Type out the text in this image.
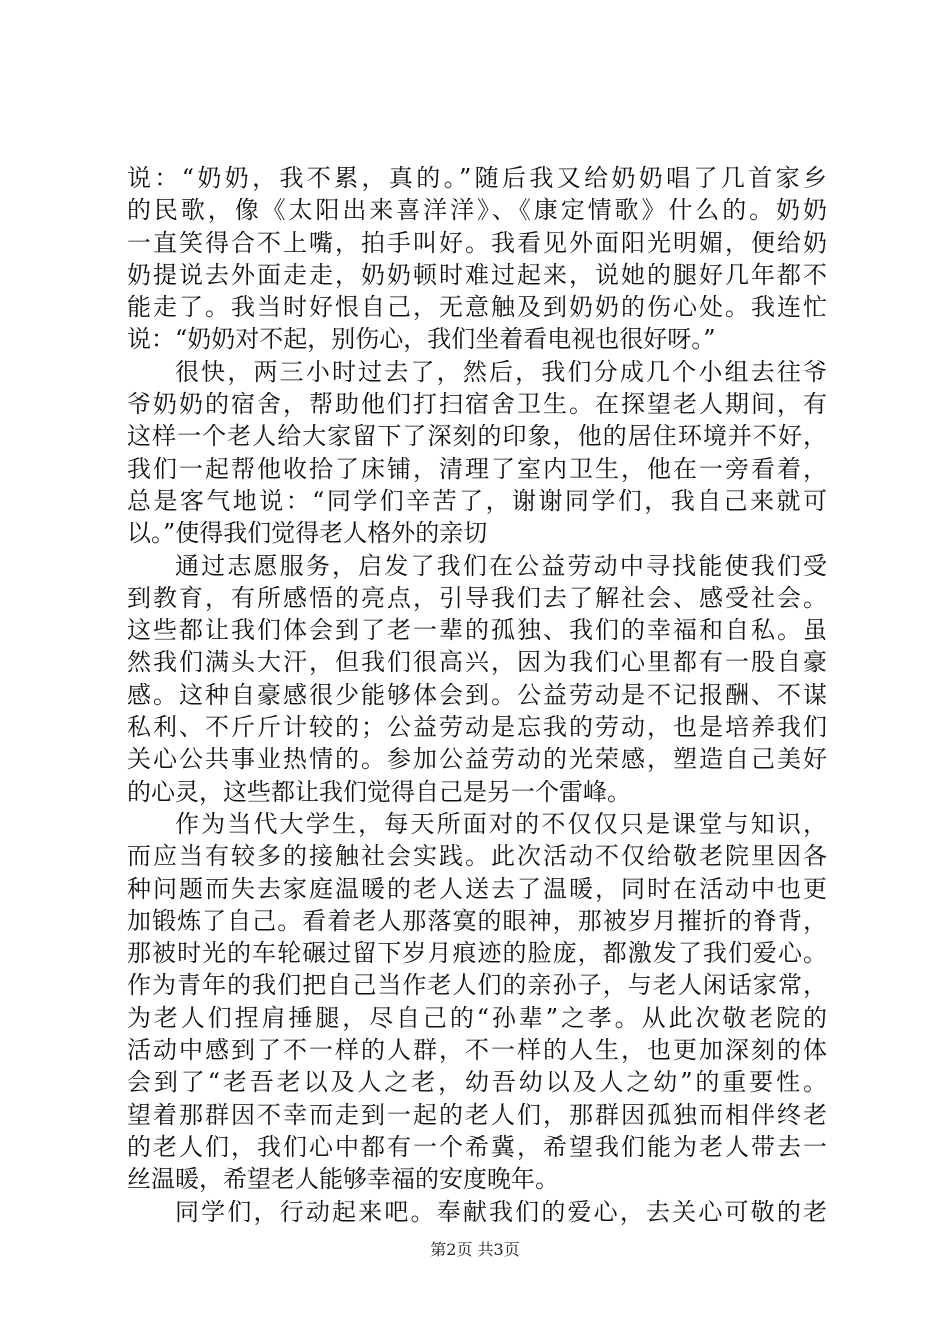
说：“奶奶，我不累，真的。”随后我又给奶奶唱了几首家乡
的民歌，像《太阳出来喜洋洋》、《康定情歌》什么的。奶奶
一直笑得合不上嘴，拍手叫好。我看见外面阳光明媚，便给奶
奶提说去外面走走，奶奶顿时难过起来，说她的腿好几年都不
能走了。我当时好恨自己，无意触及到奶奶的伤心处。我连忙
说：“奶奶对不起，别伤心，我们坐着看电视也很好呀。”
很快，两三小时过去了，然后，我们分成几个小组去往爷
爷奶奶的宿舍，帮助他们打扫宿舍卫生。在探望老人期间，有
这样一个老人给大家留下了深刻的印象，他的居住环境并不好，
我们一起帮他收拾了床铺，清理了室内卫生，他在一旁看着，
总是客气地说：“同学们辛苦了，谢谢同学们，我自己来就可
以。”使得我们觉得老人格外的亲切
通过志愿服务，启发了我们在公益劳动中寻找能使我们受
到教育，有所感悟的亮点，引导我们去了解社会、感受社会。
这些都让我们体会到了老一辈的孤独、我们的幸福和自私。虽
然我们满头大汗，但我们很高兴，因为我们心里都有一股自豪
感。这种自豪感很少能够体会到。公益劳动是不记报酬、不谋
私利、不斤斤计较的；公益劳动是忘我的劳动，也是培养我们
关心公共事业热情的。参加公益劳动的光荣感，塑造自己美好
的心灵，这些都让我们觉得自己是另一个雷峰。
作为当代大学生，每天所面对的不仅仅只是课堂与知识，
而应当有较多的接触社会实践。此次活动不仅给敬老院里因各
种问题而失去家庭温暖的老人送去了温暖，同时在活动中也更
加锻炼了自己。看着老人那落寞的眼神，那被岁月摧折的脊背，
那被时光的车轮碾过留下岁月痕迹的脸庞，都激发了我们爱心。
作为青年的我们把自己当作老人们的亲孙子，与老人闲话家常，
为老人们捏肩捶腿，尽自己的“孙辈”之孝。从此次敬老院的
活动中感到了不一样的人群，不一样的人生，也更加深刻的体
会到了“老吾老以及人之老，幼吾幼以及人之幼”的重要性。
望着那群因不幸而走到一起的老人们，那群因孤独而相伴终老
的老人们，我们心中都有一个希冀，希望我们能为老人带去一
丝温暖，希望老人能够幸福的安度晚年。
同学们，行动起来吧。奉献我们的爱心，去关心可敬的老
第2页 共3页
